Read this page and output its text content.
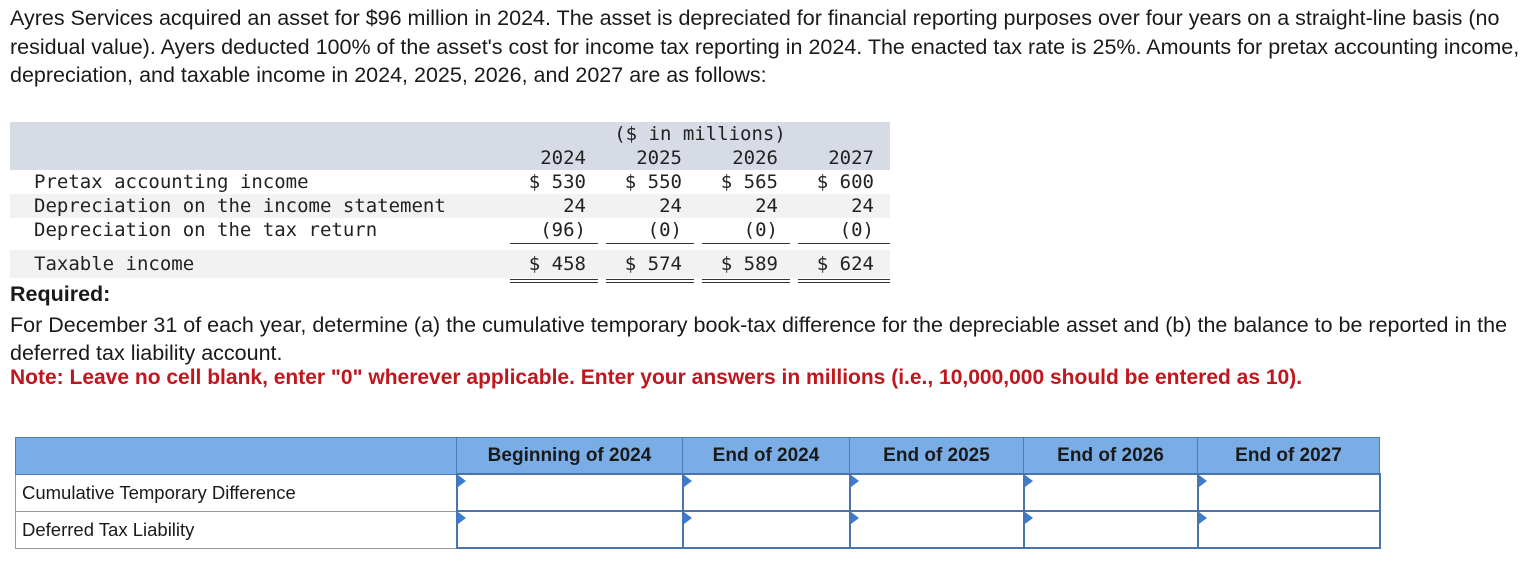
Ayres Services acquired an asset for $96 million in 2024. The asset is depreciated for financial reporting purposes over four years on a straight-line basis (no residual value). Ayers deducted 100% of the asset's cost for income tax reporting in 2024. The enacted tax rate is 25%. Amounts for pretax accounting income, depreciation, and taxable income in 2024, 2025, 2026, and 2027 are as follows:

($ in millions)
2024	2025	2026	2027
Pretax accounting income	$ 530	$ 550	$ 565	$ 600
Depreciation on the income statement	24	24	24	24
Depreciation on the tax return	(96)	(0)	(0)	(0)
Taxable income	$ 458	$ 574	$ 589	$ 624
Required:

For December 31 of each year, determine (a) the cumulative temporary book-tax difference for the depreciable asset and (b) the balance to be reported in the deferred tax liability account.

Note: Leave no cell blank, enter "0" wherever applicable. Enter your answers in millions (i.e., 10,000,000 should be entered as 10).
	Beginning of 2024	End of 2024	End of 2025	End of 2026	End of 2027
Cumulative Temporary Difference	

Deferred Tax Liability	
